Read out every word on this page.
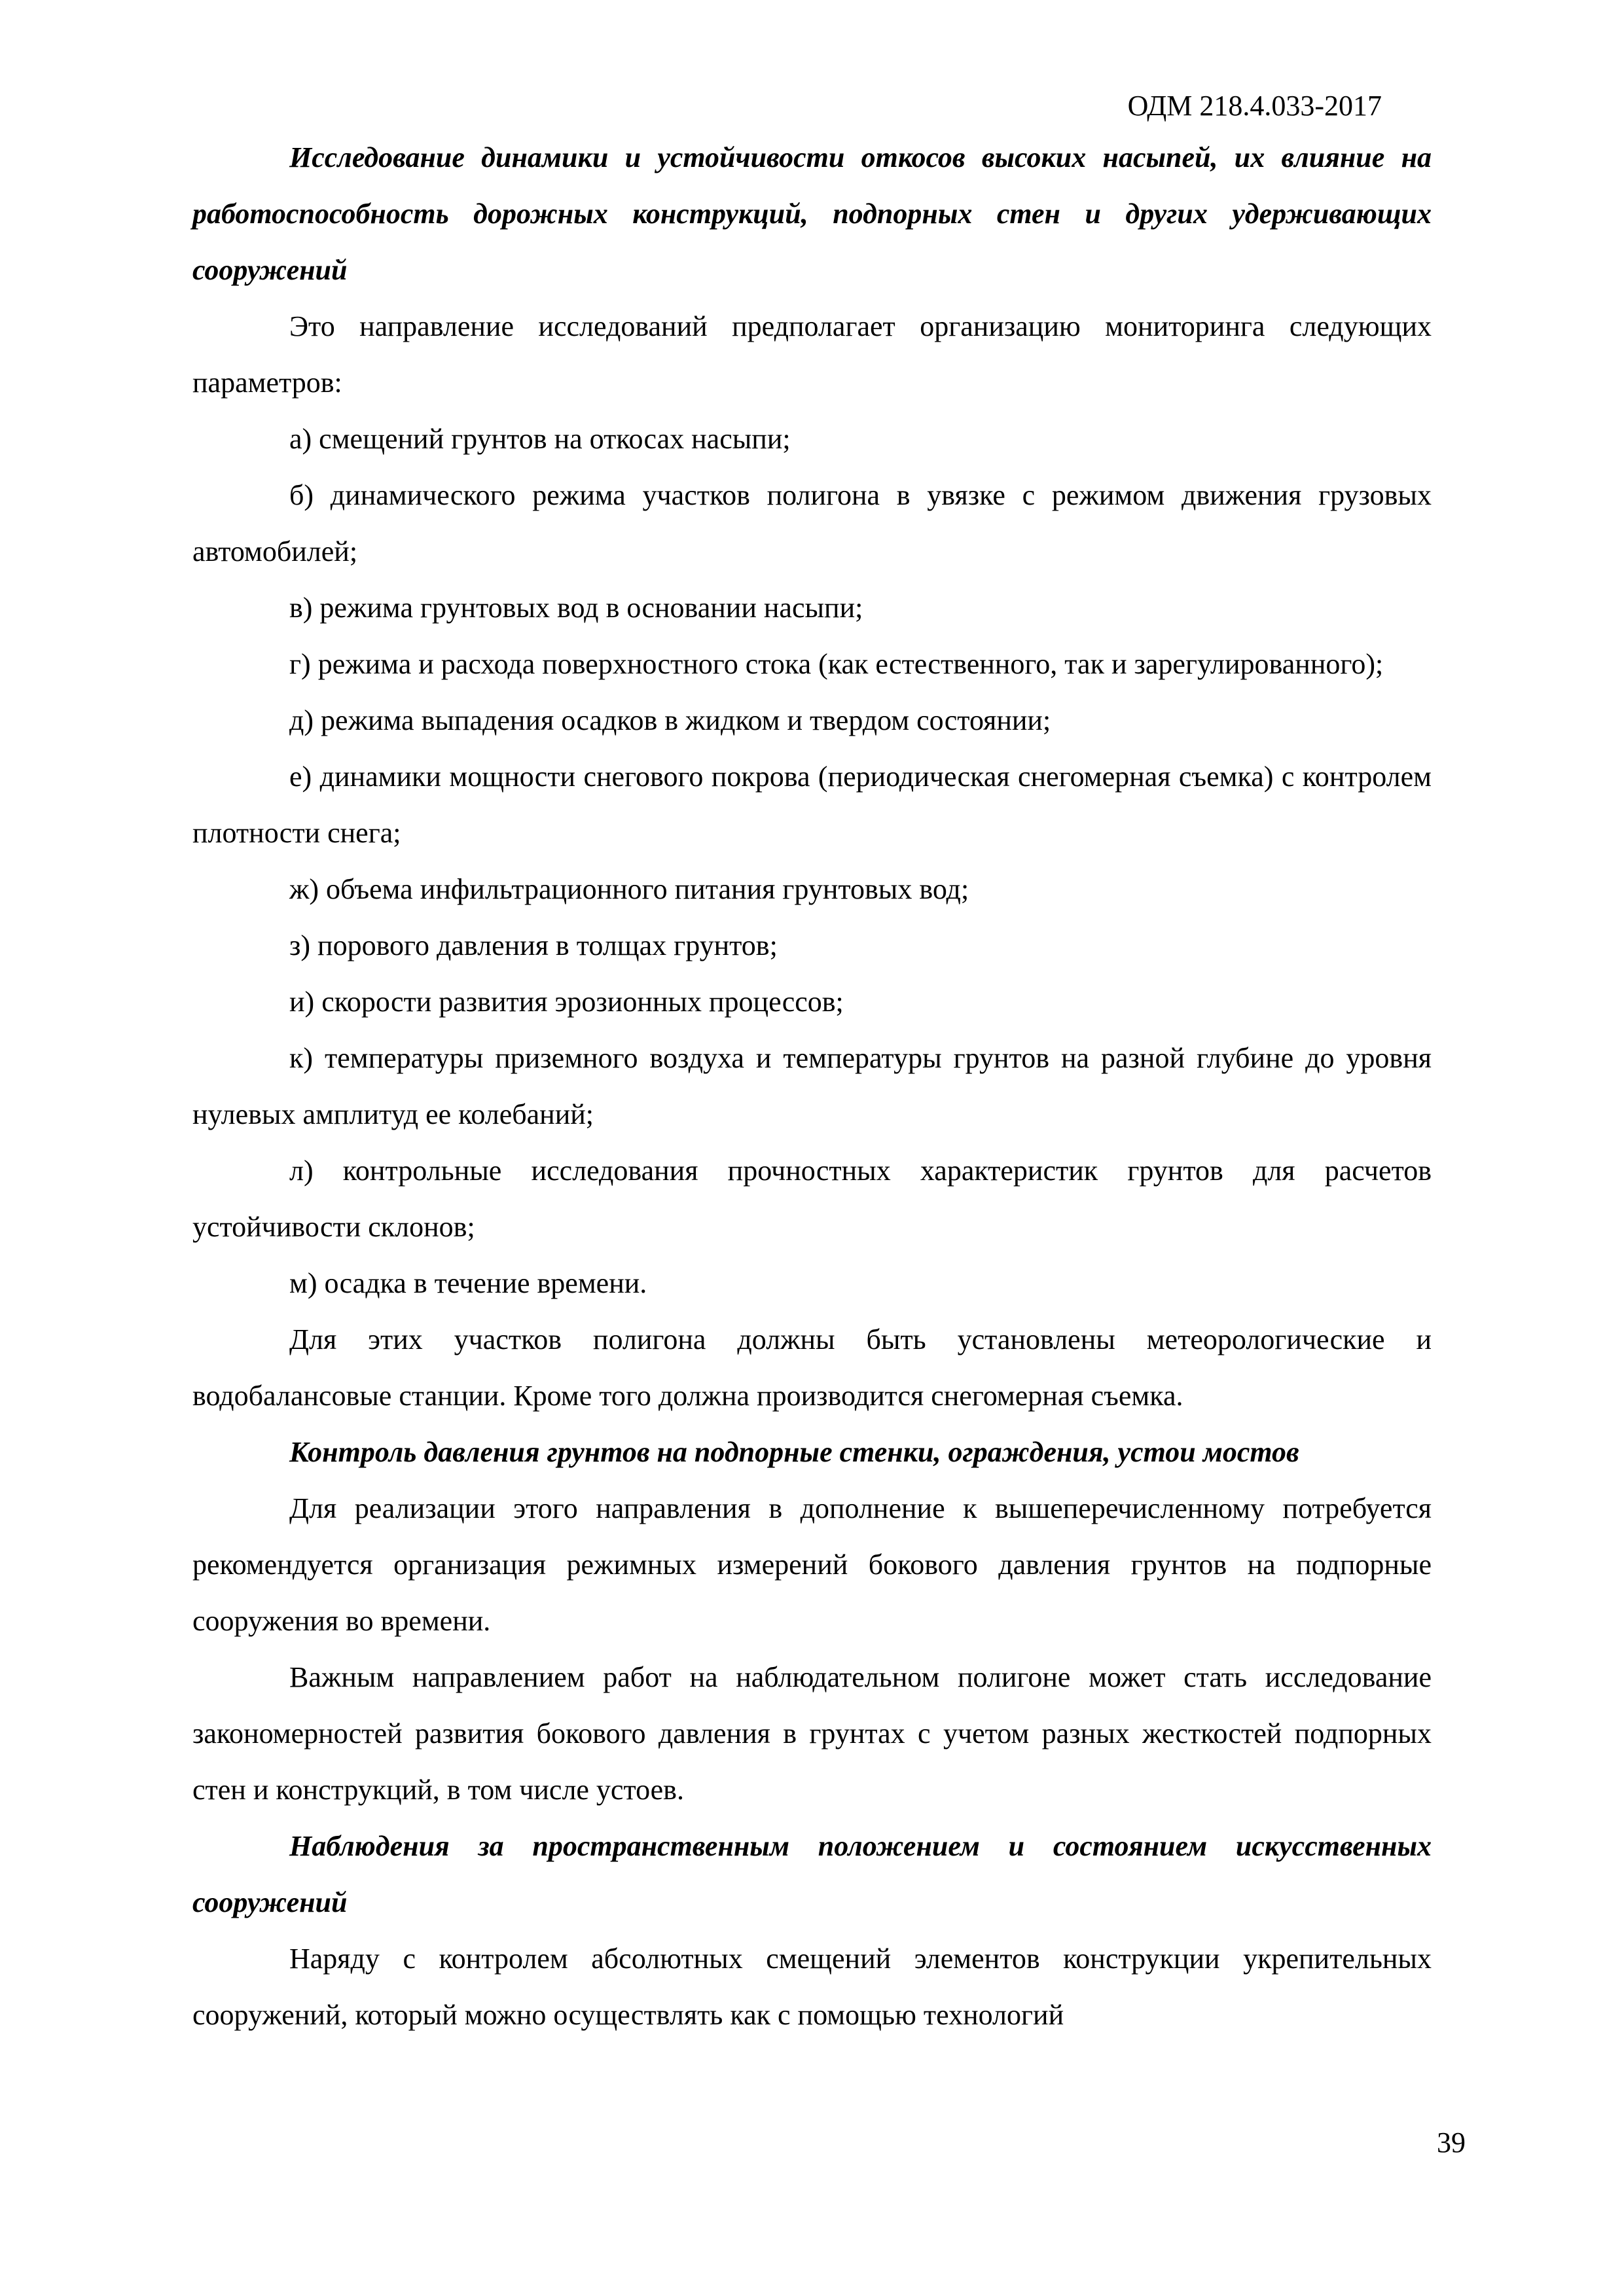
ОДМ 218.4.033-2017

Исследование динамики и устойчивости откосов высоких насыпей, их влияние на работоспособность дорожных конструкций, подпорных стен и других удерживающих сооружений

Это направление исследований предполагает организацию мониторинга следующих параметров:

а) смещений грунтов на откосах насыпи;

б) динамического режима участков полигона в увязке с режимом движения грузовых автомобилей;

в) режима грунтовых вод в основании насыпи;

г) режима и расхода поверхностного стока (как естественного, так и зарегулированного);

д) режима выпадения осадков в жидком и твердом состоянии;

е) динамики мощности снегового покрова (периодическая снегомерная съемка) с контролем плотности снега;

ж) объема инфильтрационного питания грунтовых вод;

з) порового давления в толщах грунтов;

и) скорости развития эрозионных процессов;

к) температуры приземного воздуха и температуры грунтов на разной глубине до уровня нулевых амплитуд ее колебаний;

л) контрольные исследования прочностных характеристик грунтов для расчетов устойчивости склонов;

м) осадка в течение времени.

Для этих участков полигона должны быть установлены метеорологические и водобалансовые станции. Кроме того должна производится снегомерная съемка.

Контроль давления грунтов на подпорные стенки, ограждения, устои мостов

Для реализации этого направления в дополнение к вышеперечисленному потребуется рекомендуется организация режимных измерений бокового давления грунтов на подпорные сооружения во времени.

Важным направлением работ на наблюдательном полигоне может стать исследование закономерностей развития бокового давления в грунтах с учетом разных жесткостей подпорных стен и конструкций, в том числе устоев.

Наблюдения за пространственным положением и состоянием искусственных сооружений

Наряду с контролем абсолютных смещений элементов конструкции укрепительных сооружений, который можно осуществлять как с помощью технологий

39
